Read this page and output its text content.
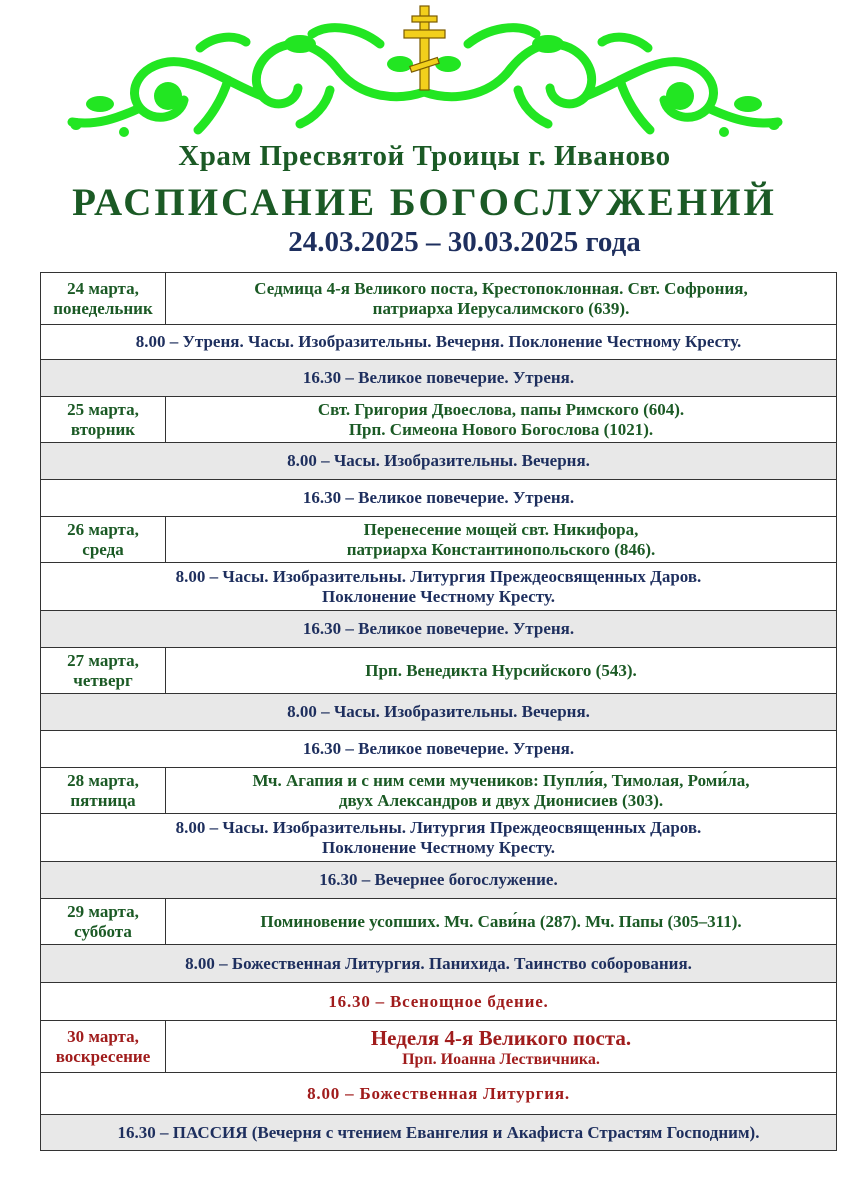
Храм Пресвятой Троицы г. Иваново
РАСПИСАНИЕ БОГОСЛУЖЕНИЙ
24.03.2025 – 30.03.2025 года
24 марта,
понедельник	Седмица 4-я Великого поста, Крестопоклонная. Свт. Софрония,
патриарха Иерусалимского (639).

8.00 – Утреня. Часы. Изобразительны. Вечерня. Поклонение Честному Кресту.	
16.30 – Великое повечерие. Утреня.	

25 марта,
вторник	Свт. Григория Двоеслова, папы Римского (604).
Прп. Симеона Нового Богослова (1021).

8.00 – Часы. Изобразительны. Вечерня.	
16.30 – Великое повечерие. Утреня.	

26 марта,
среда	Перенесение мощей свт. Никифора,
патриарха Константинопольского (846).

8.00 – Часы. Изобразительны. Литургия Преждеосвященных Даров.
Поклонение Честному Кресту.	

16.30 – Великое повечерие. Утреня.	

27 марта,
четверг	Прп. Венедикта Нурсийского (543).

8.00 – Часы. Изобразительны. Вечерня.	
16.30 – Великое повечерие. Утреня.	

28 марта,
пятница	Мч. Агапия и с ним семи мучеников: Пупли́я, Тимолая, Роми́ла,
двух Александров и двух Дионисиев (303).

8.00 – Часы. Изобразительны. Литургия Преждеосвященных Даров.
Поклонение Честному Кресту.	

16.30 – Вечернее богослужение.	

29 марта,
суббота	Поминовение усопших. Мч. Сави́на (287). Мч. Папы (305–311).

8.00 – Божественная Литургия. Панихида. Таинство соборования.	
16.30 – Всенощное бдение.	

30 марта,
воскресение	Неделя 4-я Великого поста.
Прп. Иоанна Лествичника.

8.00 – Божественная Литургия.	
16.30 – ПАССИЯ (Вечерня с чтением Евангелия и Акафиста Страстям Господним).	
